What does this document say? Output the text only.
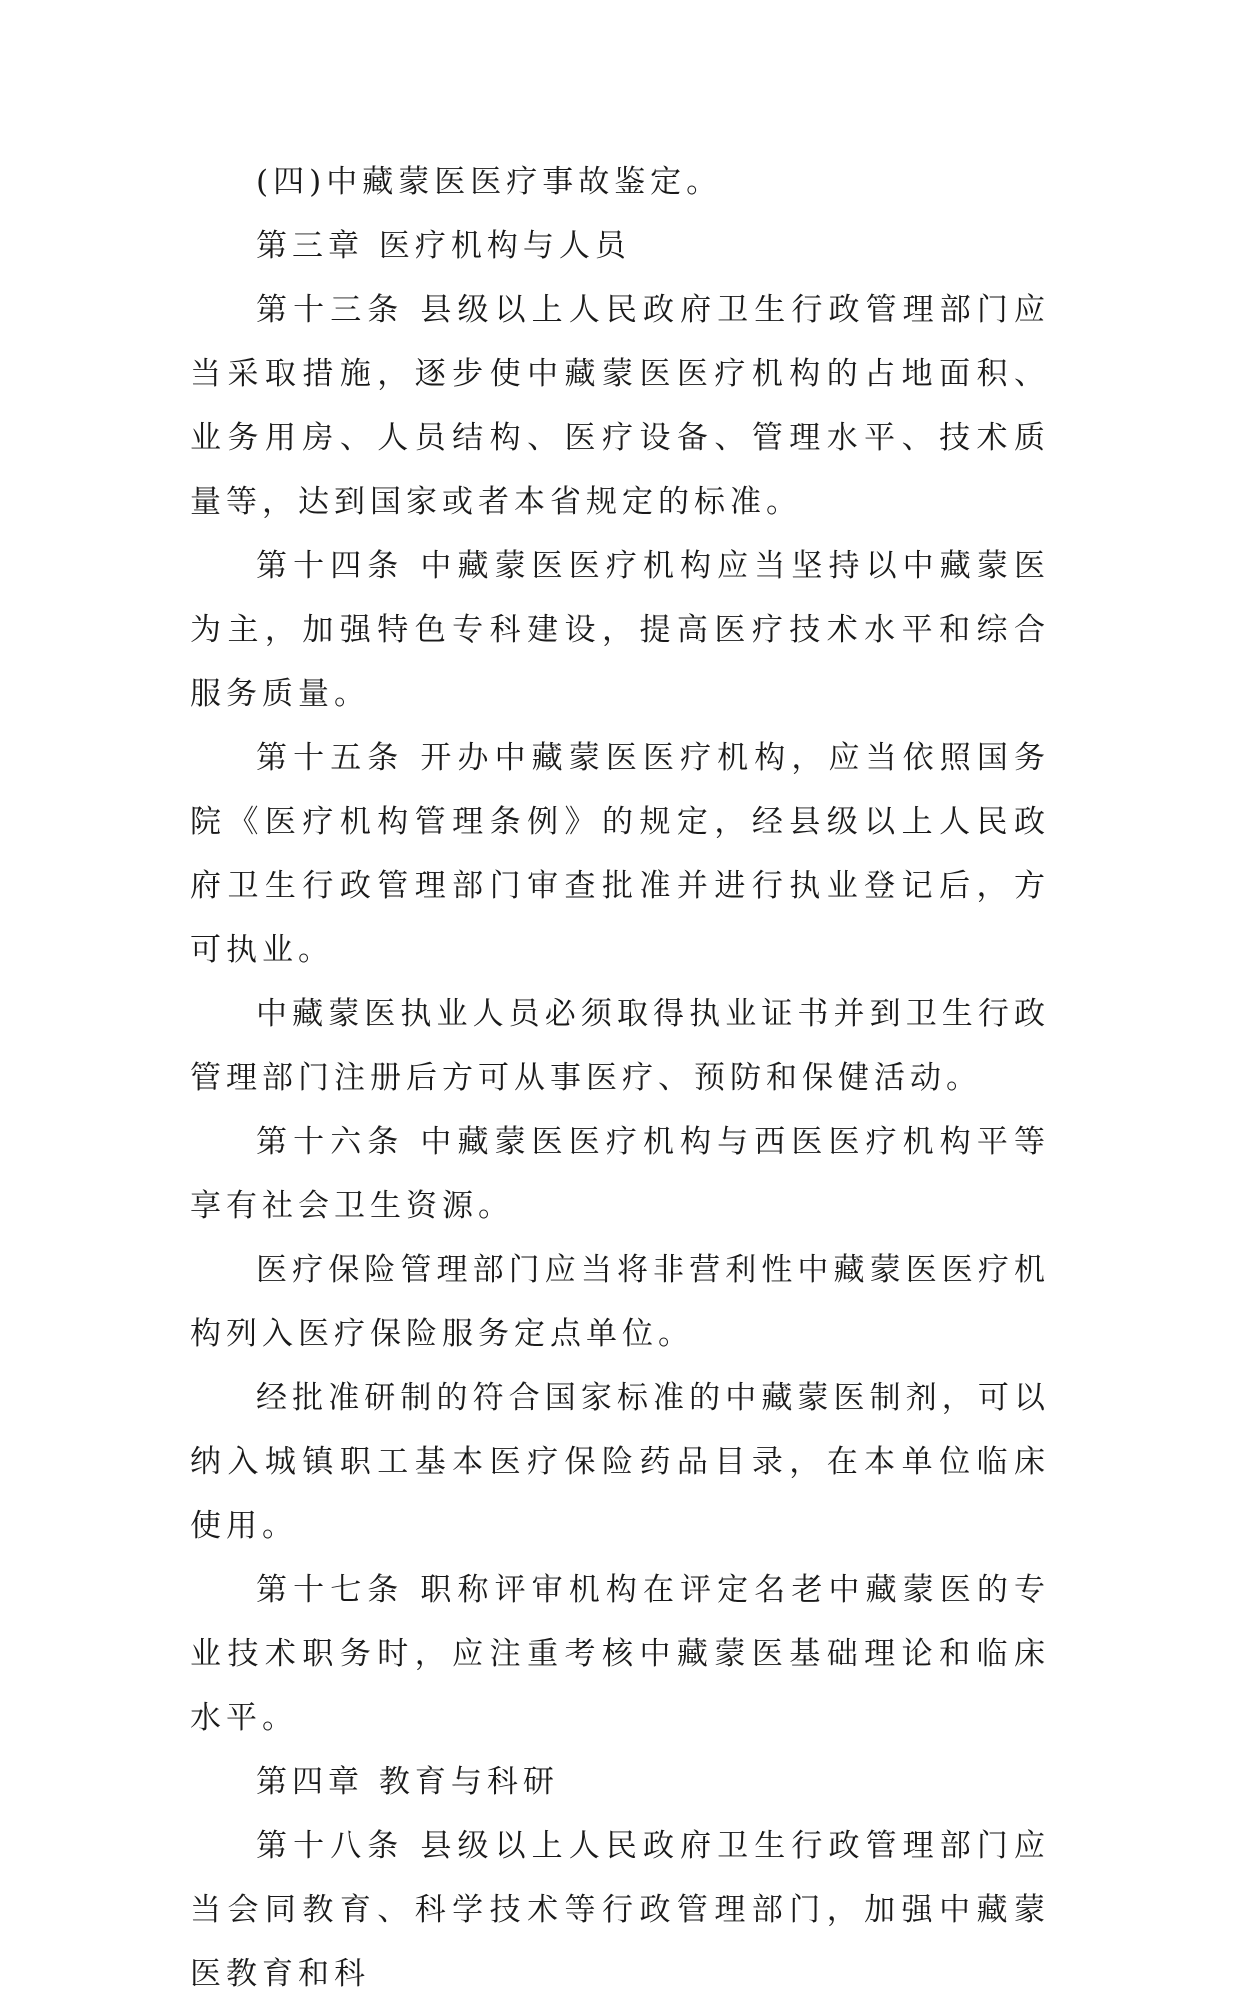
(四)中藏蒙医医疗事故鉴定。

第三章 医疗机构与人员

第十三条 县级以上人民政府卫生行政管理部门应当采取措施，逐步使中藏蒙医医疗机构的占地面积、业务用房、人员结构、医疗设备、管理水平、技术质量等，达到国家或者本省规定的标准。

第十四条 中藏蒙医医疗机构应当坚持以中藏蒙医为主，加强特色专科建设，提高医疗技术水平和综合服务质量。

第十五条 开办中藏蒙医医疗机构，应当依照国务院《医疗机构管理条例》的规定，经县级以上人民政府卫生行政管理部门审查批准并进行执业登记后，方可执业。

中藏蒙医执业人员必须取得执业证书并到卫生行政管理部门注册后方可从事医疗、预防和保健活动。

第十六条 中藏蒙医医疗机构与西医医疗机构平等享有社会卫生资源。

医疗保险管理部门应当将非营利性中藏蒙医医疗机构列入医疗保险服务定点单位。

经批准研制的符合国家标准的中藏蒙医制剂，可以纳入城镇职工基本医疗保险药品目录，在本单位临床使用。

第十七条 职称评审机构在评定名老中藏蒙医的专业技术职务时，应注重考核中藏蒙医基础理论和临床水平。

第四章 教育与科研

第十八条 县级以上人民政府卫生行政管理部门应当会同教育、科学技术等行政管理部门，加强中藏蒙医教育和科
